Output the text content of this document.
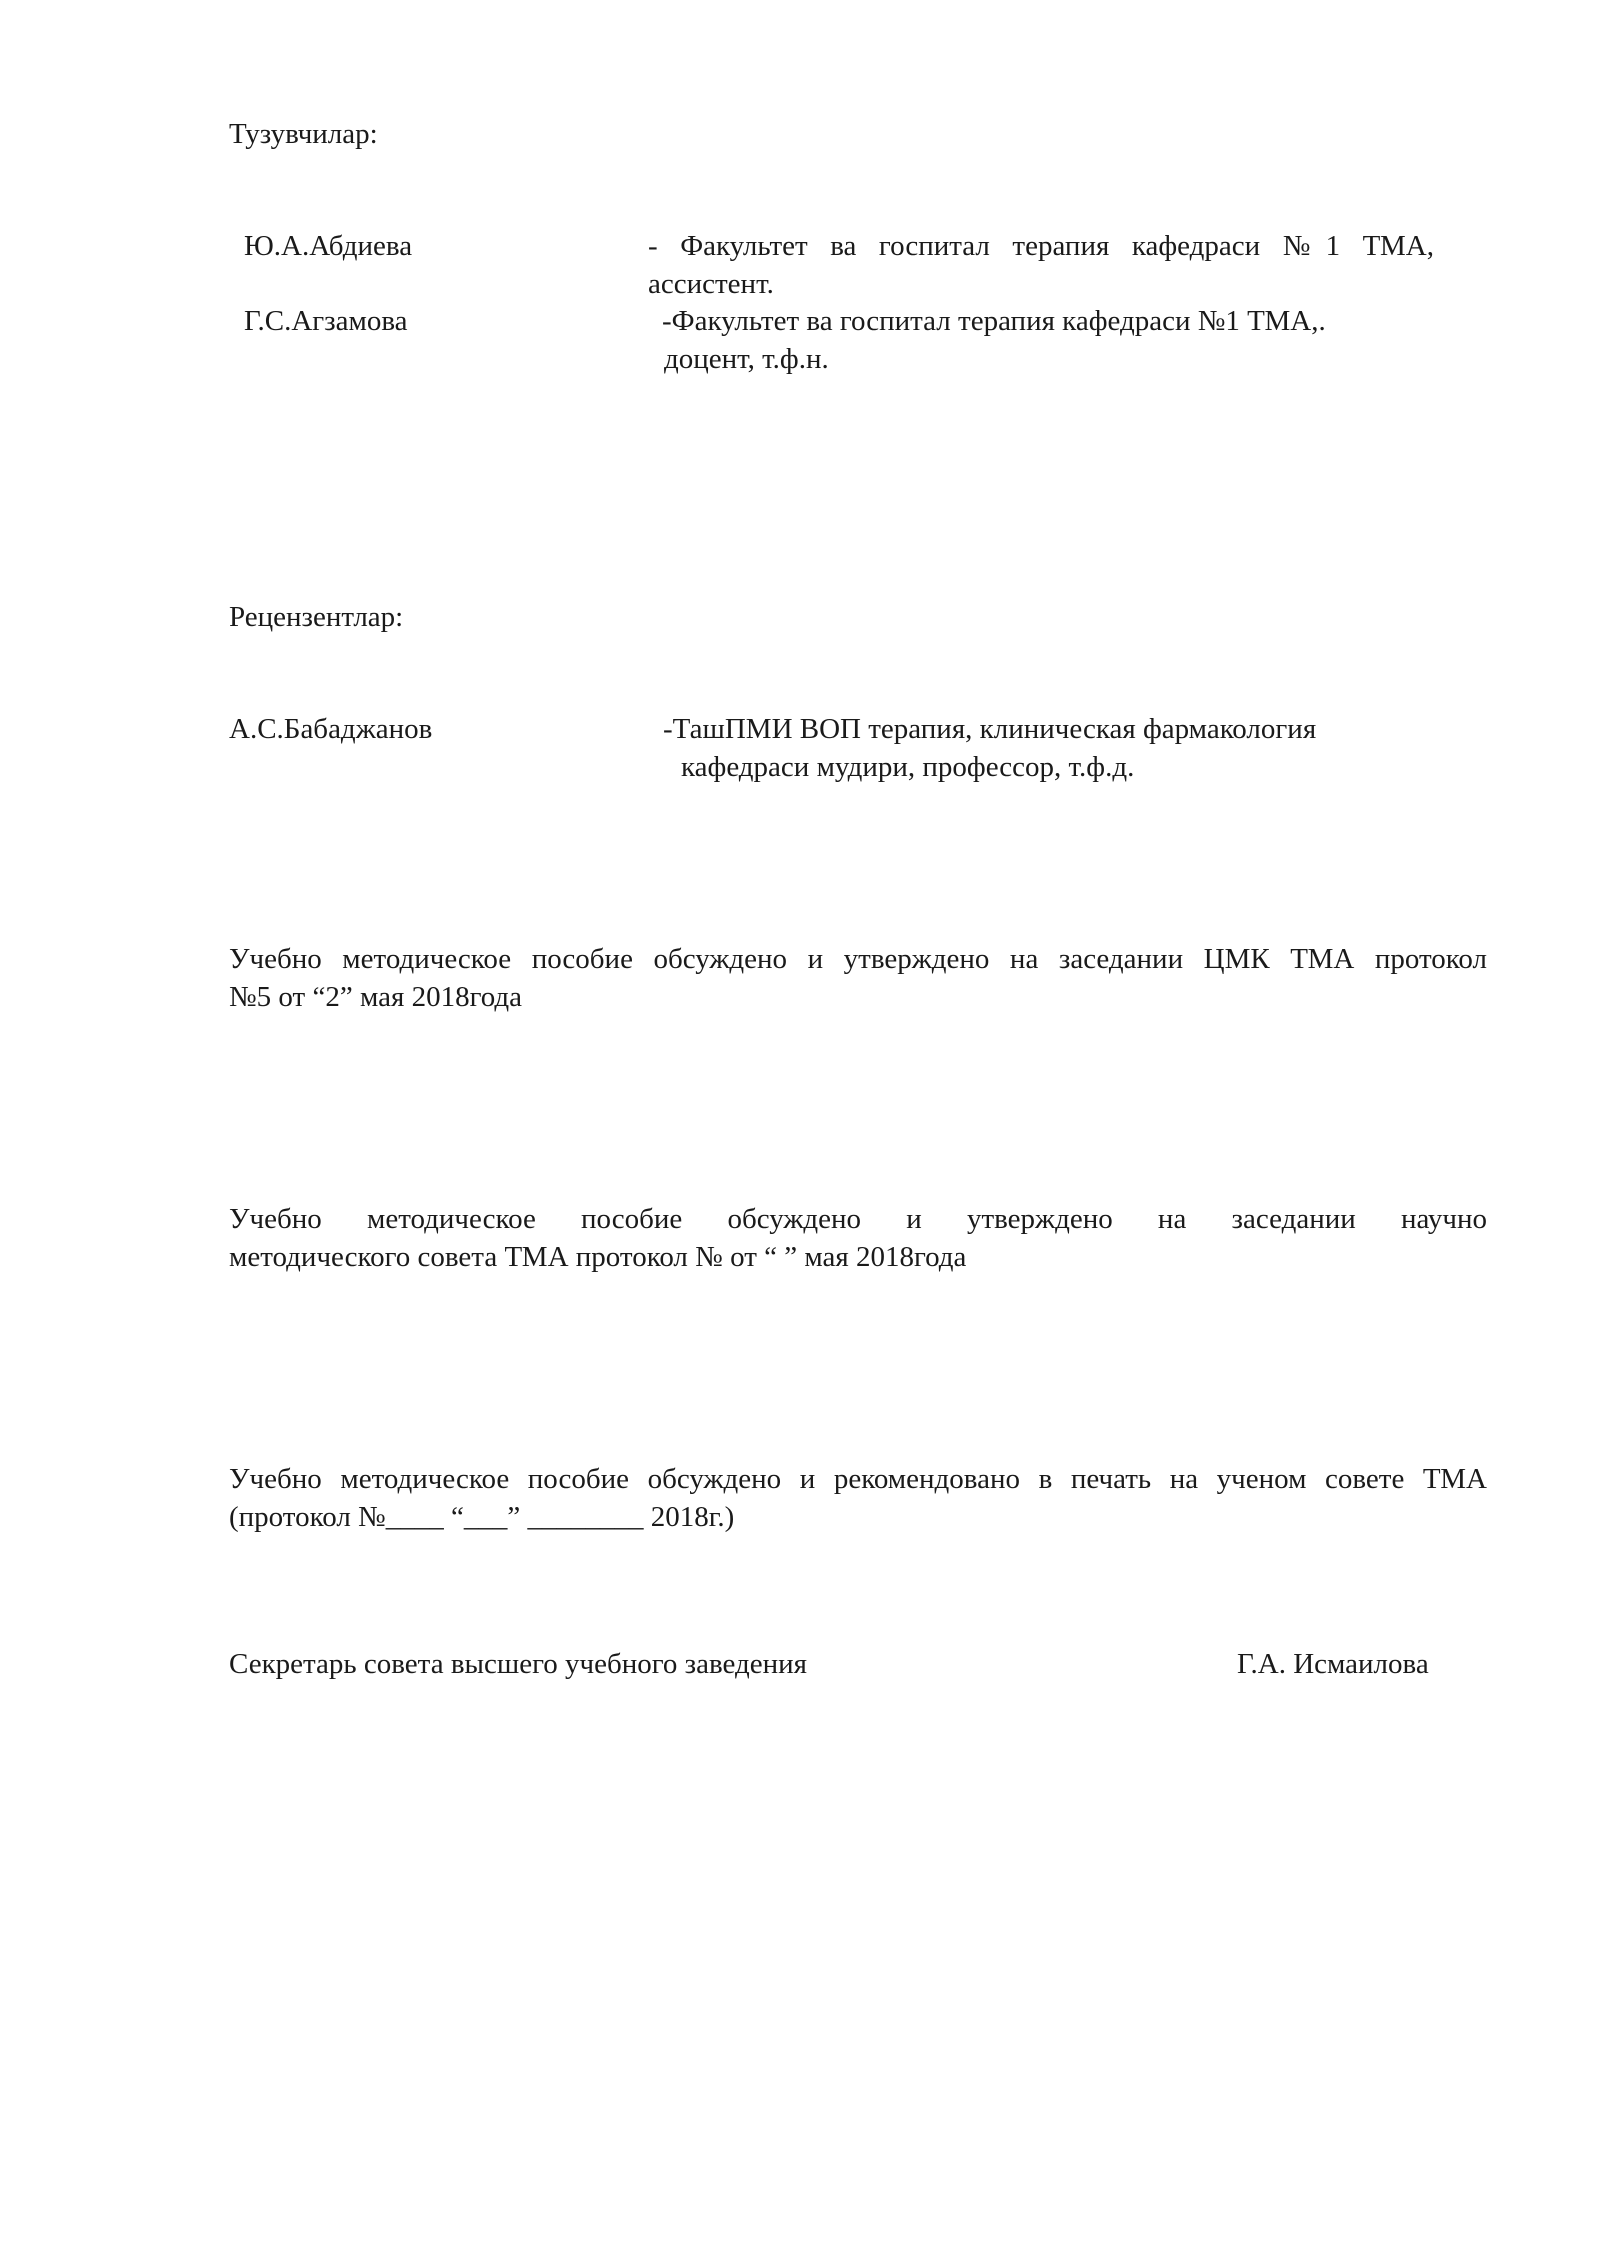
Тузувчилар:
Ю.А.Абдиева	- Факультет ва госпитал терапия кафедраси №1 ТМА,
ассистент.
Г.С.Агзамова	-Факультет ва госпитал терапия кафедраси №1 ТМА,.
доцент, т.ф.н.
Рецензентлар:
А.С.Бабаджанов	-ТашПМИ ВОП терапия, клиническая фармакология
кафедраси мудири, профессор, т.ф.д.
Учебно методическое пособие обсуждено и утверждено на заседании ЦМК ТМА протокол
№5 от “2” мая 2018года
Учебно методическое пособие обсуждено и утверждено на заседании научно
методического совета ТМА протокол № от “ ” мая 2018года
Учебно методическое пособие обсуждено и рекомендовано в печать на ученом совете ТМА
(протокол №____ “___” ________ 2018г.)
Секретарь совета высшего учебного заведения	Г.А. Исмаилова
